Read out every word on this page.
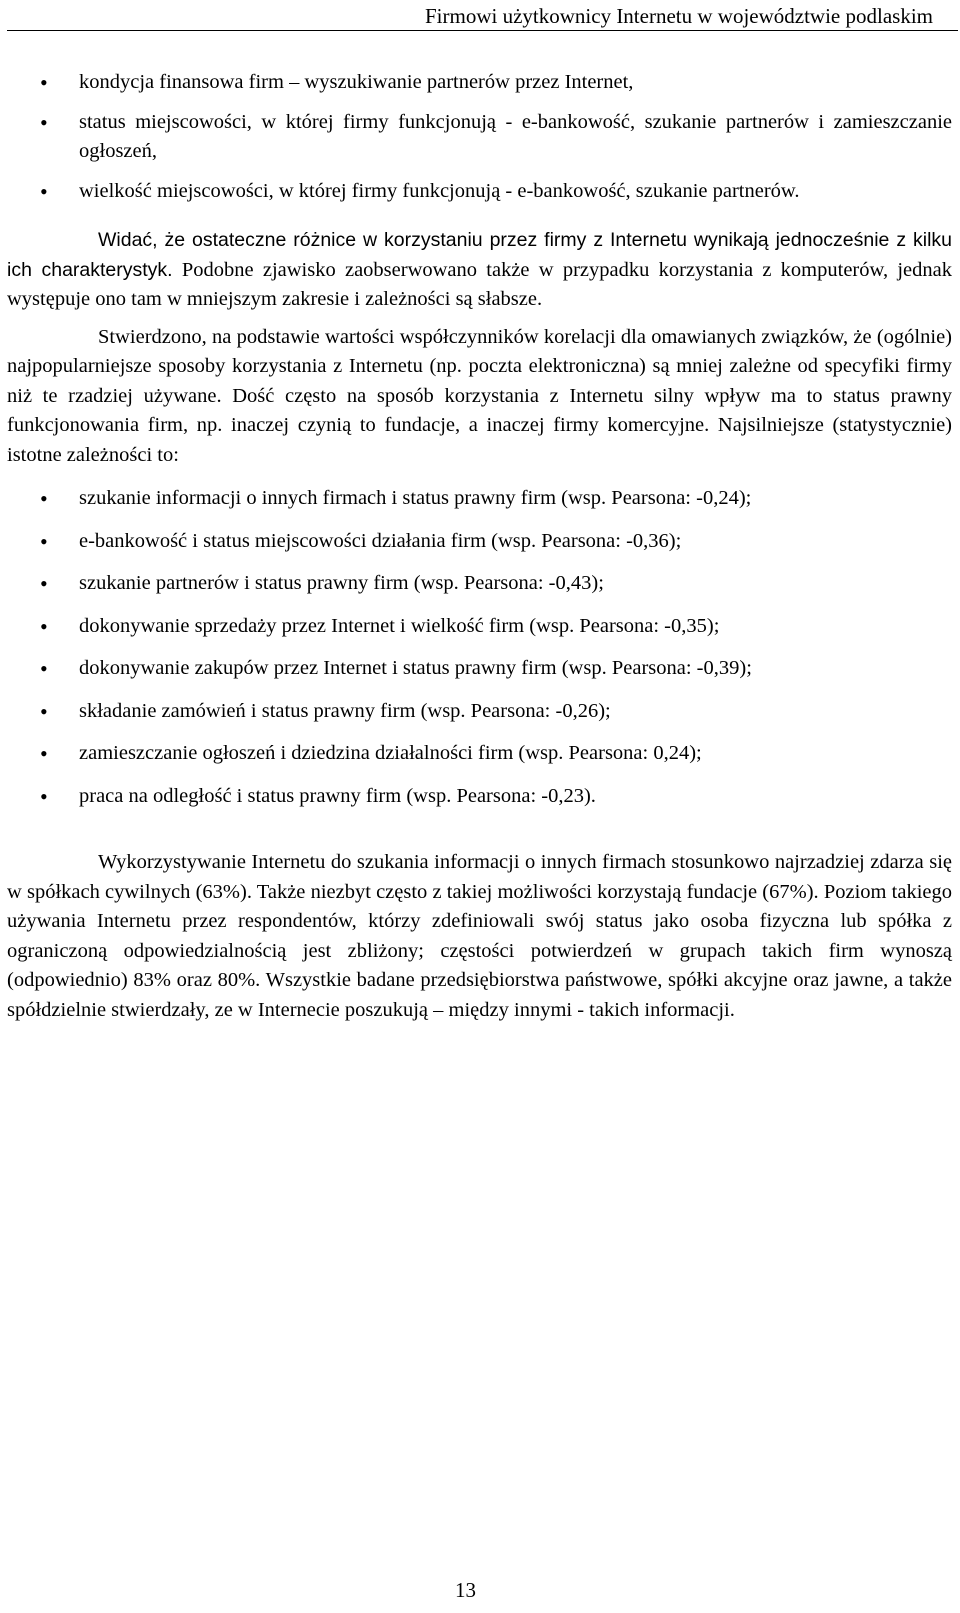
Firmowi użytkownicy Internetu w województwie podlaskim
• kondycja finansowa firm – wyszukiwanie partnerów przez Internet,
• status miejscowości, w której firmy funkcjonują - e-bankowość, szukanie partnerów i zamieszczanie ogłoszeń,
• wielkość miejscowości, w której firmy funkcjonują - e-bankowość, szukanie partnerów.

Widać, że ostateczne różnice w korzystaniu przez firmy z Internetu wynikają jednocześnie z kilku ich charakterystyk. Podobne zjawisko zaobserwowano także w przypadku korzystania z komputerów, jednak występuje ono tam w mniejszym zakresie i zależności są słabsze.

Stwierdzono, na podstawie wartości współczynników korelacji dla omawianych związków, że (ogólnie) najpopularniejsze sposoby korzystania z Internetu (np. poczta elektroniczna) są mniej zależne od specyfiki firmy niż te rzadziej używane. Dość często na sposób korzystania z Internetu silny wpływ ma to status prawny funkcjonowania firm, np. inaczej czynią to fundacje, a inaczej firmy komercyjne. Najsilniejsze (statystycznie) istotne zależności to:

• szukanie informacji o innych firmach i status prawny firm (wsp. Pearsona: -0,24);
• e-bankowość i status miejscowości działania firm (wsp. Pearsona: -0,36);
• szukanie partnerów i status prawny firm (wsp. Pearsona: -0,43);
• dokonywanie sprzedaży przez Internet i wielkość firm (wsp. Pearsona: -0,35);
• dokonywanie zakupów przez Internet i status prawny firm (wsp. Pearsona: -0,39);
• składanie zamówień i status prawny firm (wsp. Pearsona: -0,26);
• zamieszczanie ogłoszeń i dziedzina działalności firm (wsp. Pearsona: 0,24);
• praca na odległość i status prawny firm (wsp. Pearsona: -0,23).

Wykorzystywanie Internetu do szukania informacji o innych firmach stosunkowo najrzadziej zdarza się w spółkach cywilnych (63%). Także niezbyt często z takiej możliwości korzystają fundacje (67%). Poziom takiego używania Internetu przez respondentów, którzy zdefiniowali swój status jako osoba fizyczna lub spółka z ograniczoną odpowiedzialnością jest zbliżony; częstości potwierdzeń w grupach takich firm wynoszą (odpowiednio) 83% oraz 80%. Wszystkie badane przedsiębiorstwa państwowe, spółki akcyjne oraz jawne, a także spółdzielnie stwierdzały, ze w Internecie poszukują – między innymi - takich informacji.

13
